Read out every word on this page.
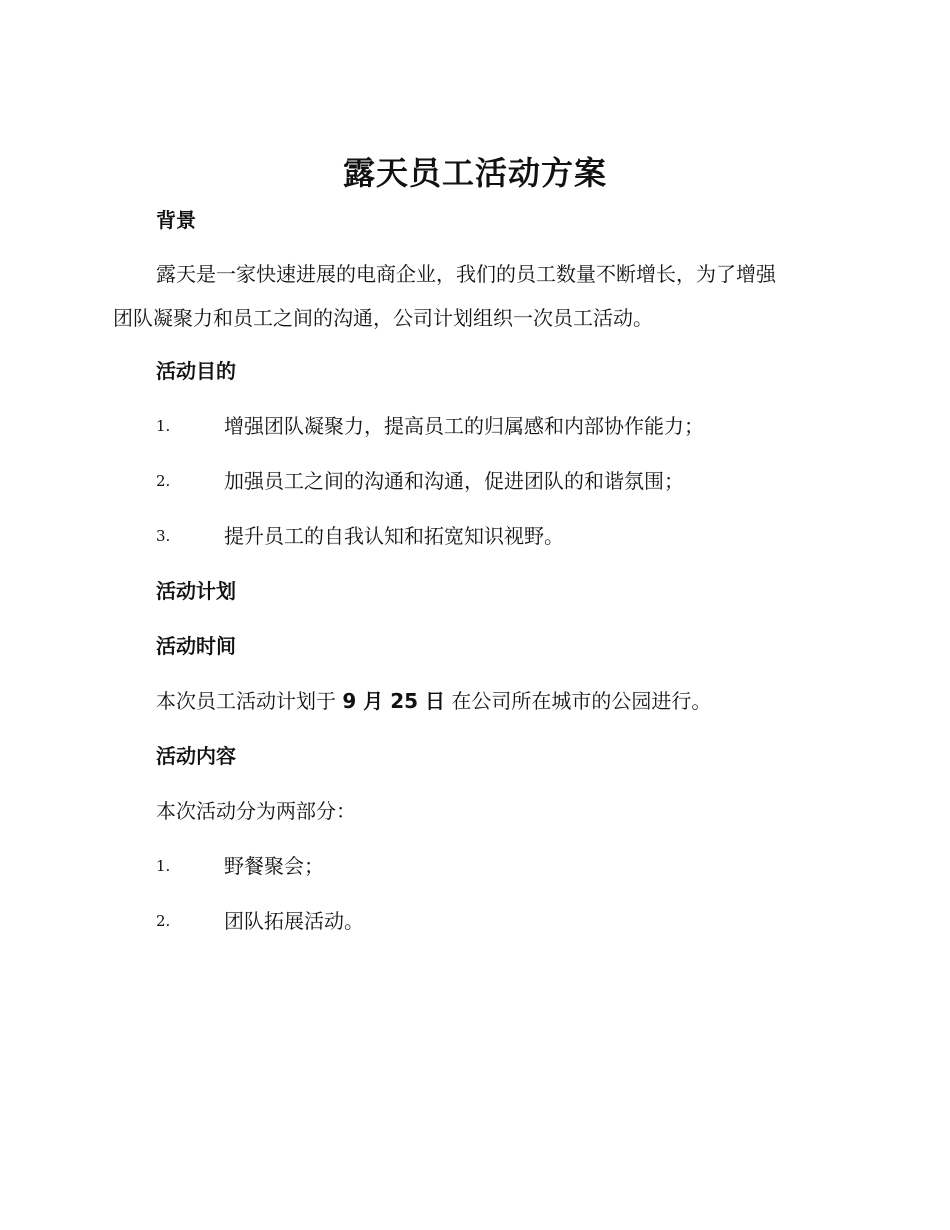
露天员工活动方案
背景
露天是一家快速进展的电商企业，我们的员工数量不断增长，为了增强
团队凝聚力和员工之间的沟通，公司计划组织一次员工活动。
活动目的
1.	增强团队凝聚力，提高员工的归属感和内部协作能力；
2.	加强员工之间的沟通和沟通，促进团队的和谐氛围；
3.	提升员工的自我认知和拓宽知识视野。
活动计划
活动时间
本次员工活动计划于 9 月 25 日 在公司所在城市的公园进行。
活动内容
本次活动分为两部分：
1.	野餐聚会；
2.	团队拓展活动。
